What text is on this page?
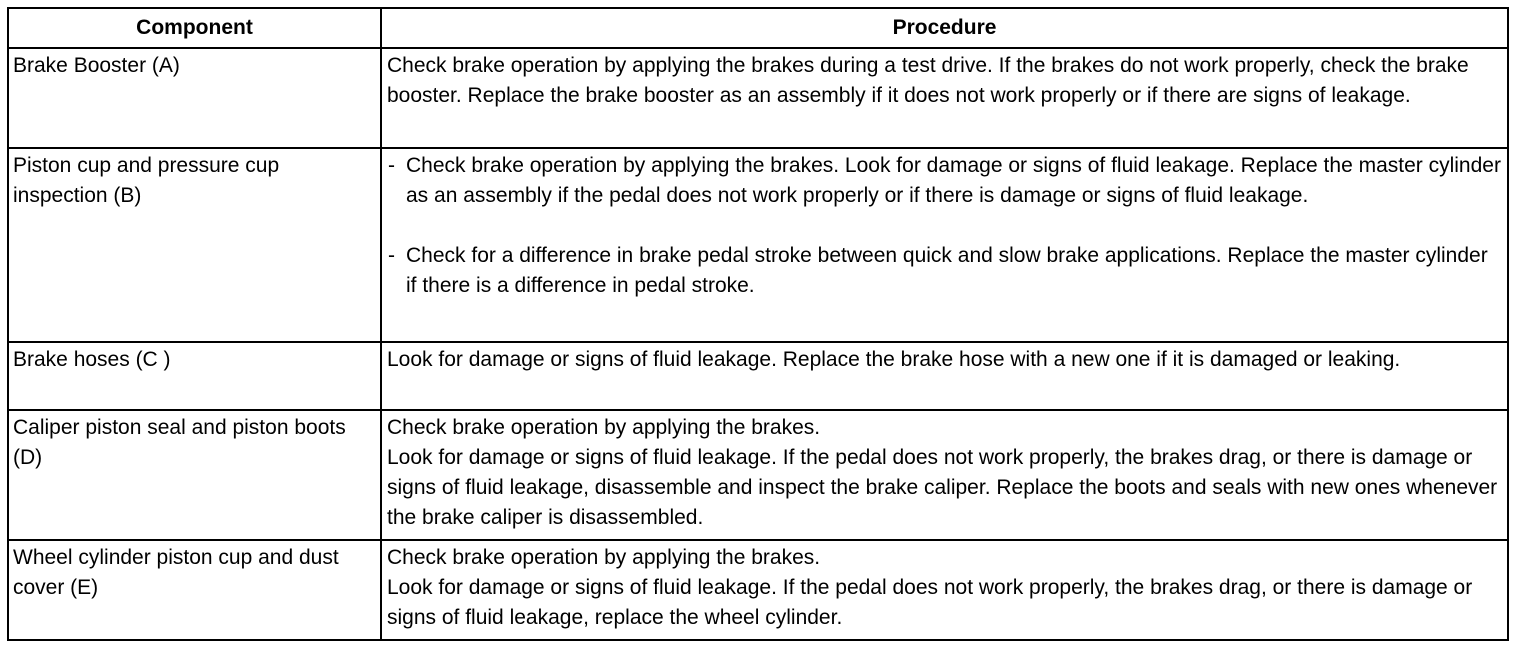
Component	Procedure
Brake Booster (A)	Check brake operation by applying the brakes during a test drive. If the brakes do not work properly, check the brake booster. Replace the brake booster as an assembly if it does not work properly or if there are signs of leakage.

Piston cup and pressure cup inspection (B)	- Check brake operation by applying the brakes. Look for damage or signs of fluid leakage. Replace the master cylinder as an assembly if the pedal does not work properly or if there is damage or signs of fluid leakage.
- Check for a difference in brake pedal stroke between quick and slow brake applications. Replace the master cylinder if there is a difference in pedal stroke.

Brake hoses (C )	Look for damage or signs of fluid leakage. Replace the brake hose with a new one if it is damaged or leaking.

Caliper piston seal and piston boots (D)	Check brake operation by applying the brakes.
Look for damage or signs of fluid leakage. If the pedal does not work properly, the brakes drag, or there is damage or signs of fluid leakage, disassemble and inspect the brake caliper. Replace the boots and seals with new ones whenever the brake caliper is disassembled.

Wheel cylinder piston cup and dust cover (E)	Check brake operation by applying the brakes.
Look for damage or signs of fluid leakage. If the pedal does not work properly, the brakes drag, or there is damage or signs of fluid leakage, replace the wheel cylinder.
